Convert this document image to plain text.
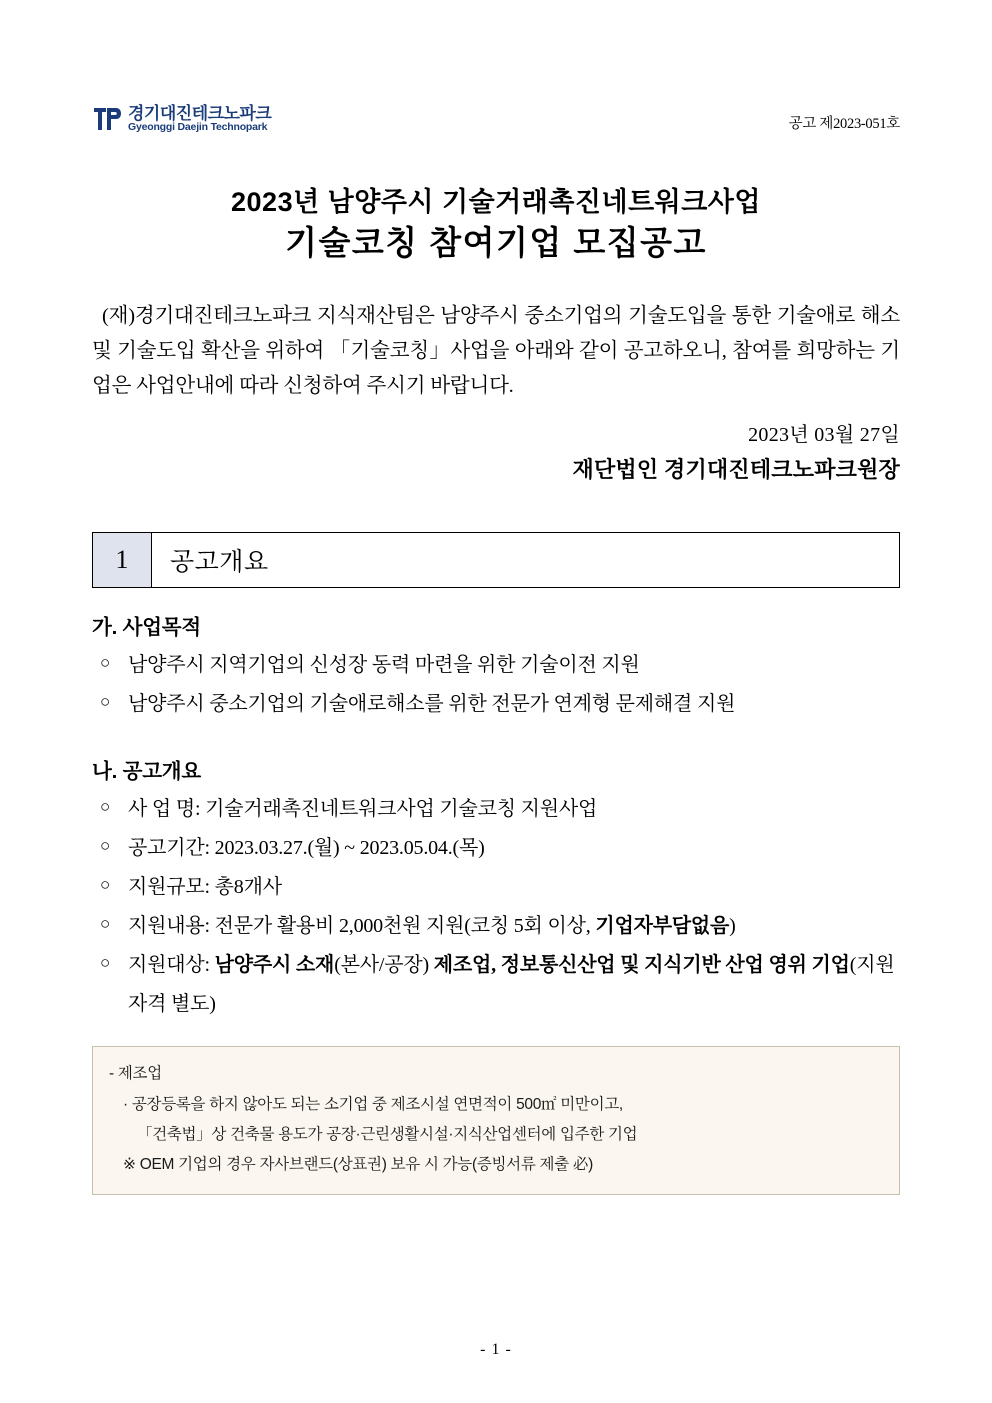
경기대진테크노파크
Gyeonggi Daejin Technopark	공고 제2023-051호
2023년 남양주시 기술거래촉진네트워크사업
기술코칭 참여기업 모집공고

(재)경기대진테크노파크 지식재산팀은 남양주시 중소기업의 기술도입을 통한 기술애로 해소 및 기술도입 확산을 위하여 「기술코칭」사업을 아래와 같이 공고하오니, 참여를 희망하는 기업은 사업안내에 따라 신청하여 주시기 바랍니다.

2023년 03월 27일
재단법인 경기대진테크노파크원장
1	공고개요
가. 사업목적
○ 남양주시 지역기업의 신성장 동력 마련을 위한 기술이전 지원
○ 남양주시 중소기업의 기술애로해소를 위한 전문가 연계형 문제해결 지원
나. 공고개요
○ 사 업 명: 기술거래촉진네트워크사업 기술코칭 지원사업
○ 공고기간: 2023.03.27.(월) ~ 2023.05.04.(목)
○ 지원규모: 총8개사
○ 지원내용: 전문가 활용비 2,000천원 지원(코칭 5회 이상, 기업자부담없음)
○ 지원대상: 남양주시 소재(본사/공장) 제조업, 정보통신산업 및 지식기반 산업 영위 기업(지원자격 별도)
- 제조업
· 공장등록을 하지 않아도 되는 소기업 중 제조시설 연면적이 500㎡ 미만이고,
「건축법」상 건축물 용도가 공장·근린생활시설·지식산업센터에 입주한 기업
※ OEM 기업의 경우 자사브랜드(상표권) 보유 시 가능(증빙서류 제출 必)
- 1 -
